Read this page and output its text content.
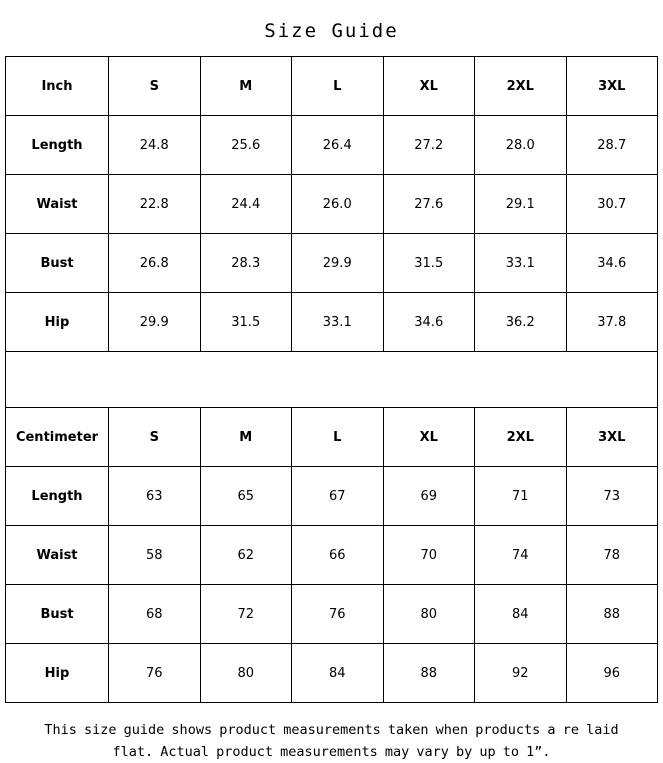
Size Guide
Inch	S	M	L	XL	2XL	3XL
Length	24.8	25.6	26.4	27.2	28.0	28.7
Waist	22.8	24.4	26.0	27.6	29.1	30.7
Bust	26.8	28.3	29.9	31.5	33.1	34.6
Hip	29.9	31.5	33.1	34.6	36.2	37.8
Centimeter	S	M	L	XL	2XL	3XL
Length	63	65	67	69	71	73
Waist	58	62	66	70	74	78
Bust	68	72	76	80	84	88
Hip	76	80	84	88	92	96
This size guide shows product measurements taken when products a re laid flat. Actual product measurements may vary by up to 1”.
